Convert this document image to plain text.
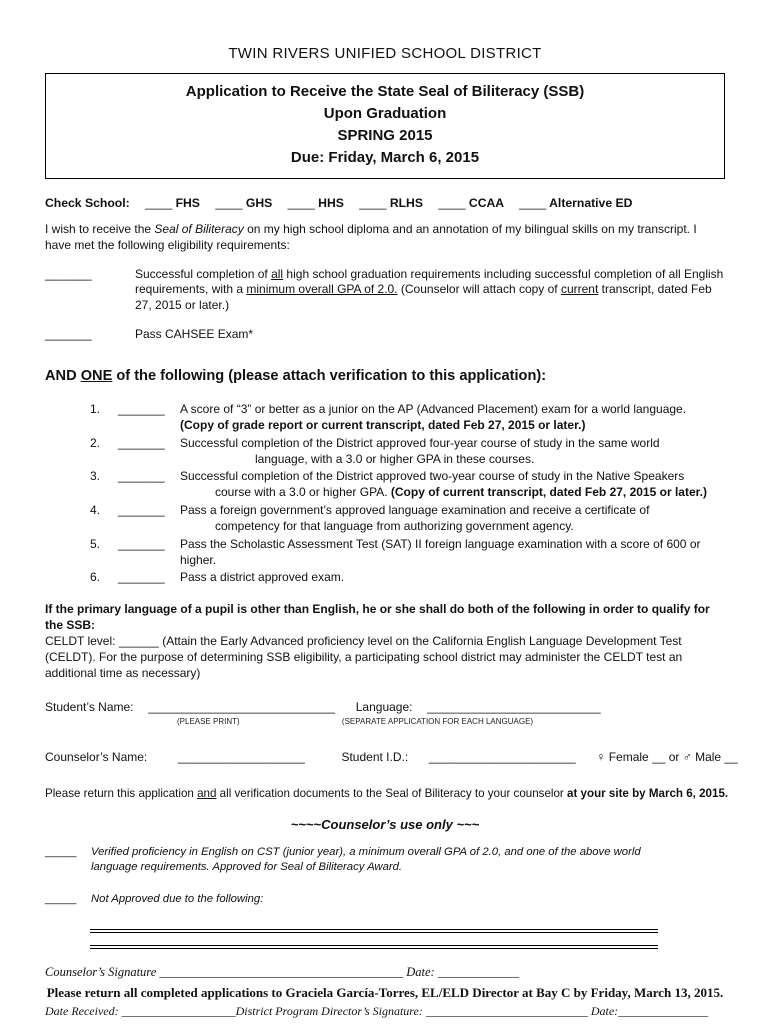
TWIN RIVERS UNIFIED SCHOOL DISTRICT
Application to Receive the State Seal of Biliteracy (SSB)
Upon Graduation
SPRING 2015
Due: Friday, March 6, 2015
Check School: ____ FHS ____ GHS ____ HHS ____ RLHS ____ CCAA ____ Alternative ED

I wish to receive the Seal of Biliteracy on my high school diploma and an annotation of my bilingual skills on my transcript. I have met the following eligibility requirements:

_______	Successful completion of all high school graduation requirements including successful completion of all English requirements, with a minimum overall GPA of 2.0. (Counselor will attach copy of current transcript, dated Feb 27, 2015 or later.)
_______	Pass CAHSEE Exam*
AND ONE of the following (please attach verification to this application):
1.	_______	A score of “3” or better as a junior on the AP (Advanced Placement) exam for a world language.
(Copy of grade report or current transcript, dated Feb 27, 2015 or later.)
2.	_______	Successful completion of the District approved four-year course of study in the same world
language, with a 3.0 or higher GPA in these courses.
3.	_______	Successful completion of the District approved two-year course of study in the Native Speakers
course with a 3.0 or higher GPA. (Copy of current transcript, dated Feb 27, 2015 or later.)
4.	_______	Pass a foreign government’s approved language examination and receive a certificate of
competency for that language from authorizing government agency.
5.	_______	Pass the Scholastic Assessment Test (SAT) II foreign language examination with a score of 600 or higher.
6.	_______	Pass a district approved exam.

If the primary language of a pupil is other than English, he or she shall do both of the following in order to qualify for the SSB:
CELDT level: ______ (Attain the Early Advanced proficiency level on the California English Language Development Test (CELDT). For the purpose of determining SSB eligibility, a participating school district may administer the CELDT test an additional time as necessary)

Student’s Name: ____________________________ Language: __________________________
(PLEASE PRINT)	(SEPARATE APPLICATION FOR EACH LANGUAGE)
Counselor’s Name:	___________________	Student I.D.: ______________________ ♀ Female __ or ♂ Male __
Please return this application and all verification documents to the Seal of Biliteracy to your counselor at your site by March 6, 2015.
~~~~Counselor’s use only ~~~
_____	Verified proficiency in English on CST (junior year), a minimum overall GPA of 2.0, and one of the above world language requirements. Approved for Seal of Biliteracy Award.
_____	Not Approved due to the following:
Counselor’s Signature _______________________________________ Date: _____________
Please return all completed applications to Graciela García-Torres, EL/ELD Director at Bay C by Friday, March 13, 2015.
Date Received: ___________________District Program Director’s Signature: ___________________________ Date:_______________
